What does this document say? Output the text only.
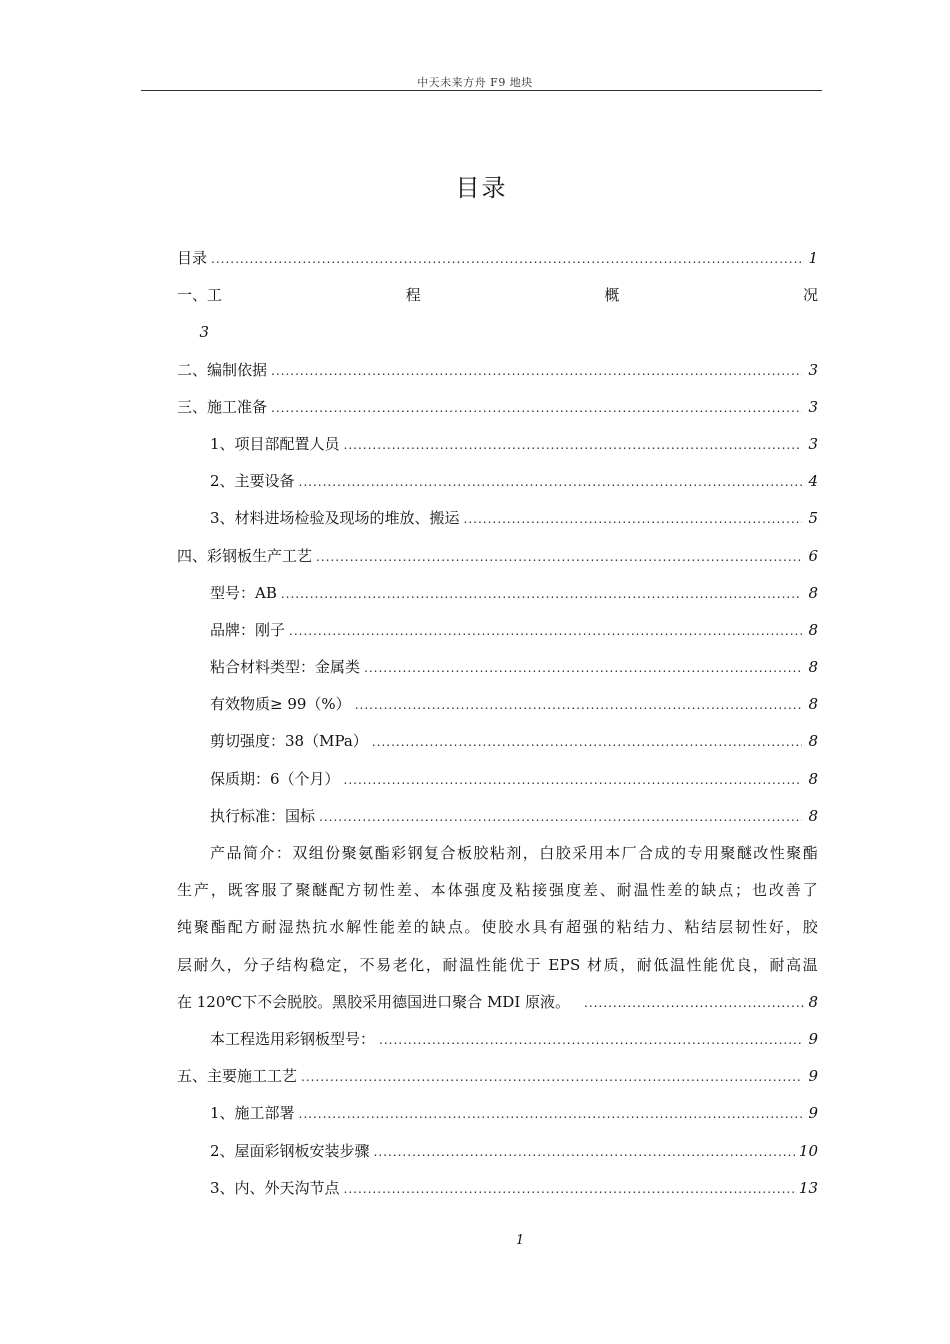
中天未来方舟 F9 地块
目录
目录 .....	1
一、工	程	概	况
3
二、编制依据 .....	3
三、施工准备 .....	3
1、项目部配置人员 .....	3
2、主要设备 .....	4
3、材料进场检验及现场的堆放、搬运 .....	5
四、彩钢板生产工艺 .....	6
型号：AB .....	8
品牌：刚子 .....	8
粘合材料类型：金属类 .....	8
有效物质≥ 99（%） .....	8
剪切强度：38（MPa） .....	8
保质期：6（个月） .....	8
执行标准：国标 .....	8

产品简介：双组份聚氨酯彩钢复合板胶粘剂，白胶采用本厂合成的专用聚醚改性聚酯

生产，既客服了聚醚配方韧性差、本体强度及粘接强度差、耐温性差的缺点；也改善了

纯聚酯配方耐湿热抗水解性能差的缺点。使胶水具有超强的粘结力、粘结层韧性好，胶

层耐久，分子结构稳定，不易老化，耐温性能优于 EPS 材质，耐低温性能优良，耐高温

在 120℃下不会脱胶。黑胶采用德国进口聚合 MDI 原液。 .....	8
本工程选用彩钢板型号： .....	9
五、主要施工工艺 .....	9
1、施工部署 .....	9
2、屋面彩钢板安装步骤 .....	10
3、内、外天沟节点 .....	13
1
